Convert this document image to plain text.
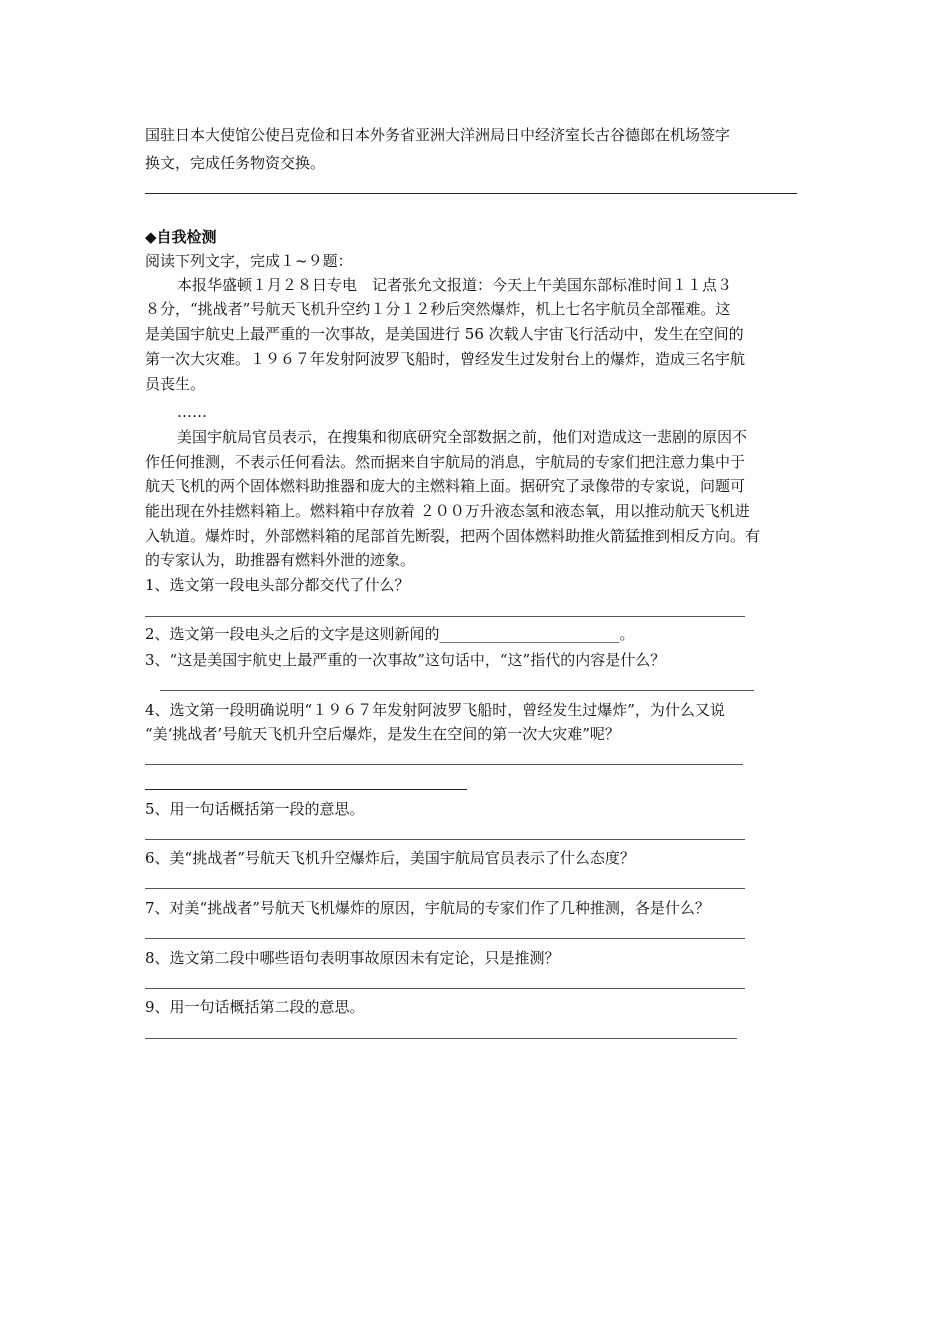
国驻日本大使馆公使吕克俭和日本外务省亚洲大洋洲局日中经济室长古谷德郎在机场签字
换文，完成任务物资交换。
◆自我检测
阅读下列文字，完成１~９题：
本报华盛顿１月２８日专电　记者张允文报道：今天上午美国东部标准时间１１点３
８分，“挑战者”号航天飞机升空约１分１２秒后突然爆炸，机上七名宇航员全部罹难。这
是美国宇航史上最严重的一次事故，是美国进行 56 次载人宇宙飞行活动中，发生在空间的
第一次大灾难。１９６７年发射阿波罗飞船时，曾经发生过发射台上的爆炸，造成三名宇航
员丧生。
……
美国宇航局官员表示，在搜集和彻底研究全部数据之前，他们对造成这一悲剧的原因不
作任何推测，不表示任何看法。然而据来自宇航局的消息，宇航局的专家们把注意力集中于
航天飞机的两个固体燃料助推器和庞大的主燃料箱上面。据研究了录像带的专家说，问题可
能出现在外挂燃料箱上。燃料箱中存放着 ２００万升液态氢和液态氧，用以推动航天飞机进
入轨道。爆炸时，外部燃料箱的尾部首先断裂，把两个固体燃料助推火箭猛推到相反方向。有
的专家认为，助推器有燃料外泄的迹象。
1、选文第一段电头部分都交代了什么？
2、选文第一段电头之后的文字是这则新闻的________________________。
3、“这是美国宇航史上最严重的一次事故”这句话中，“这”指代的内容是什么？
4、选文第一段明确说明“１９６７年发射阿波罗飞船时，曾经发生过爆炸”，为什么又说
“美‘挑战者’号航天飞机升空后爆炸，是发生在空间的第一次大灾难”呢？
5、用一句话概括第一段的意思。
6、美“挑战者”号航天飞机升空爆炸后，美国宇航局官员表示了什么态度？
7、对美“挑战者”号航天飞机爆炸的原因，宇航局的专家们作了几种推测，各是什么？
8、选文第二段中哪些语句表明事故原因未有定论，只是推测？
9、用一句话概括第二段的意思。
